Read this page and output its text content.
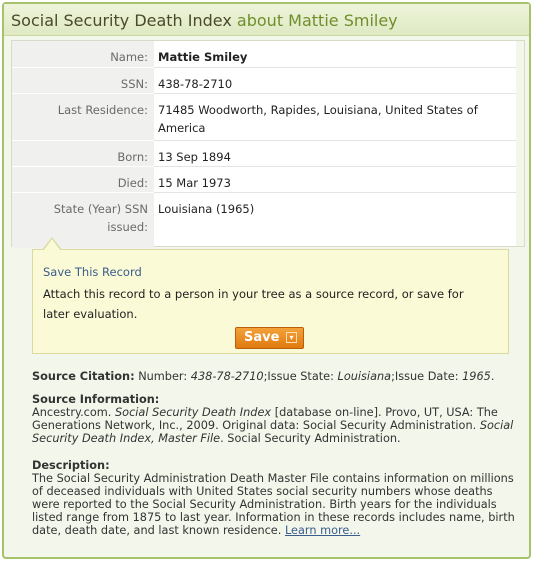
Social Security Death Index about Mattie Smiley
Name: Mattie Smiley
SSN: 438-78-2710
Last Residence: 71485 Woodworth, Rapides, Louisiana, United States of America
Born: 13 Sep 1894
Died: 15 Mar 1973
State (Year) SSN issued:
Louisiana (1965)
Save This Record
Attach this record to a person in your tree as a source record, or save for later evaluation.
Save	▾
Source Citation: Number: 438-78-2710;Issue State: Louisiana;Issue Date: 1965.
Source Information:
Ancestry.com. Social Security Death Index [database on-line]. Provo, UT, USA: The Generations Network, Inc., 2009. Original data: Social Security Administration. Social Security Death Index, Master File. Social Security Administration.
Description:
The Social Security Administration Death Master File contains information on millions of deceased individuals with United States social security numbers whose deaths were reported to the Social Security Administration. Birth years for the individuals listed range from 1875 to last year. Information in these records includes name, birth date, death date, and last known residence. Learn more...
